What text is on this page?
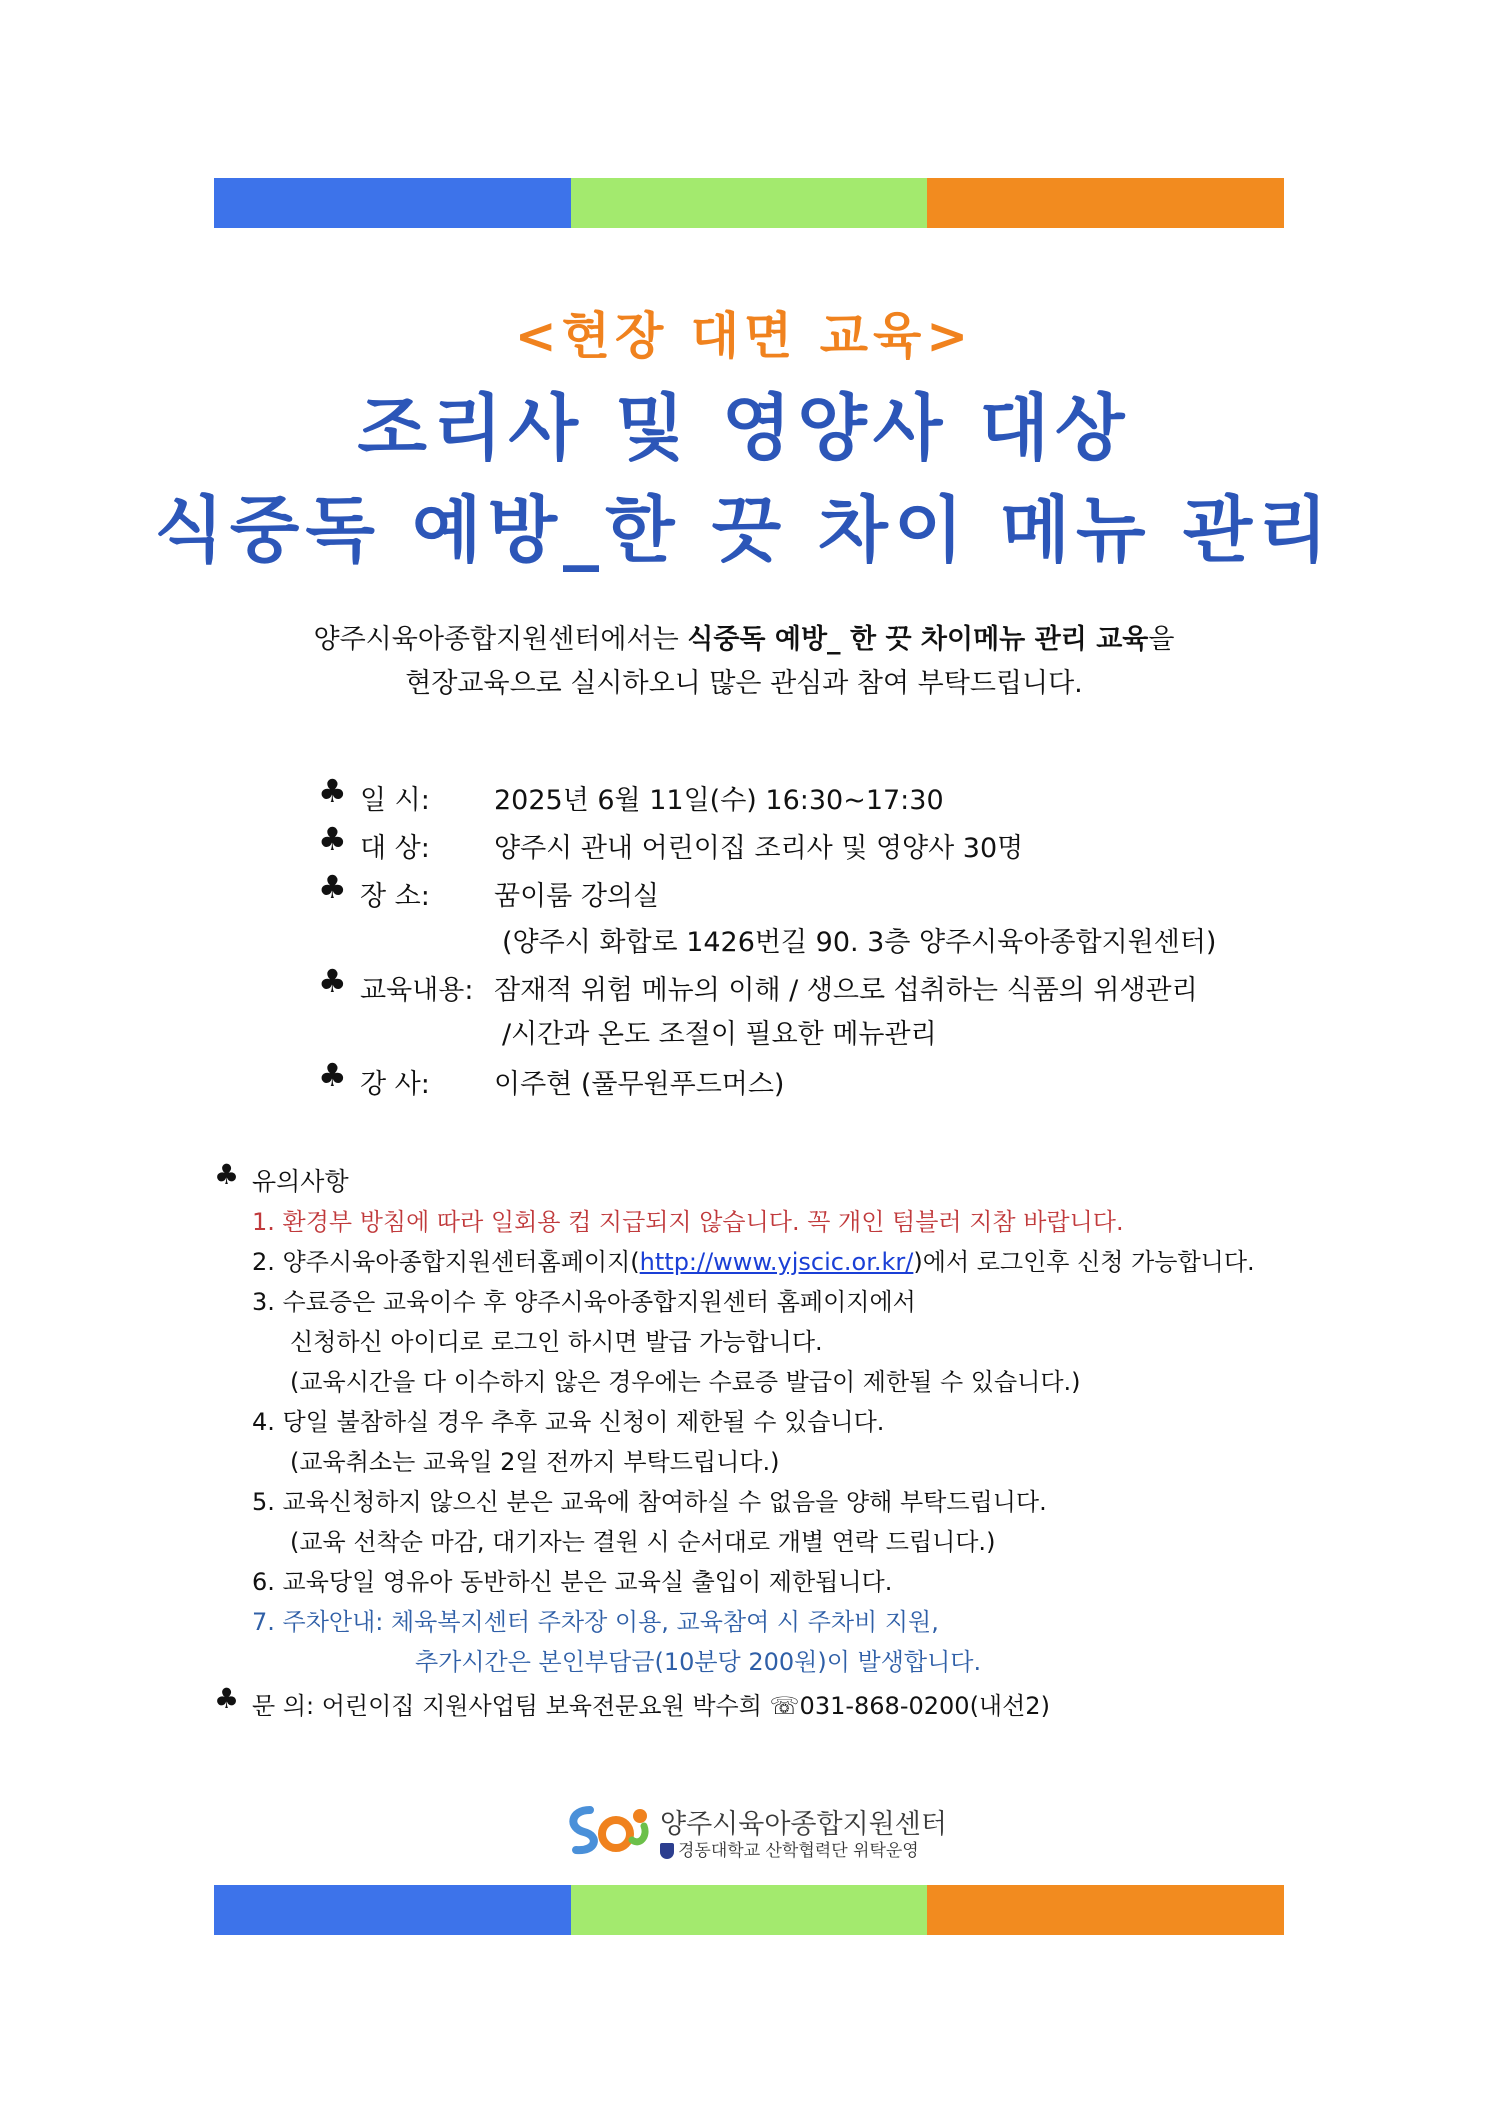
<현장 대면 교육>
조리사 및 영양사 대상
식중독 예방_한 끗 차이 메뉴 관리
양주시육아종합지원센터에서는 식중독 예방_ 한 끗 차이메뉴 관리 교육을
현장교육으로 실시하오니 많은 관심과 참여 부탁드립니다.
♣ 일 시: 2025년 6월 11일(수) 16:30~17:30
♣ 대 상: 양주시 관내 어린이집 조리사 및 영양사 30명
♣ 장 소: 꿈이룸 강의실
(양주시 화합로 1426번길 90. 3층 양주시육아종합지원센터)
♣ 교육내용: 잠재적 위험 메뉴의 이해 / 생으로 섭취하는 식품의 위생관리
/시간과 온도 조절이 필요한 메뉴관리
♣ 강 사: 이주현 (풀무원푸드머스)
♣ 유의사항
1. 환경부 방침에 따라 일회용 컵 지급되지 않습니다. 꼭 개인 텀블러 지참 바랍니다.
2. 양주시육아종합지원센터홈페이지(http://www.yjscic.or.kr/)에서 로그인후 신청 가능합니다.
3. 수료증은 교육이수 후 양주시육아종합지원센터 홈페이지에서
신청하신 아이디로 로그인 하시면 발급 가능합니다.
(교육시간을 다 이수하지 않은 경우에는 수료증 발급이 제한될 수 있습니다.)
4. 당일 불참하실 경우 추후 교육 신청이 제한될 수 있습니다.
(교육취소는 교육일 2일 전까지 부탁드립니다.)
5. 교육신청하지 않으신 분은 교육에 참여하실 수 없음을 양해 부탁드립니다.
(교육 선착순 마감, 대기자는 결원 시 순서대로 개별 연락 드립니다.)
6. 교육당일 영유아 동반하신 분은 교육실 출입이 제한됩니다.
7. 주차안내: 체육복지센터 주차장 이용, 교육참여 시 주차비 지원,
추가시간은 본인부담금(10분당 200원)이 발생합니다.
♣ 문 의: 어린이집 지원사업팀 보육전문요원 박수희 ☏031-868-0200(내선2)
양주시육아종합지원센터
경동대학교 산학협력단 위탁운영
